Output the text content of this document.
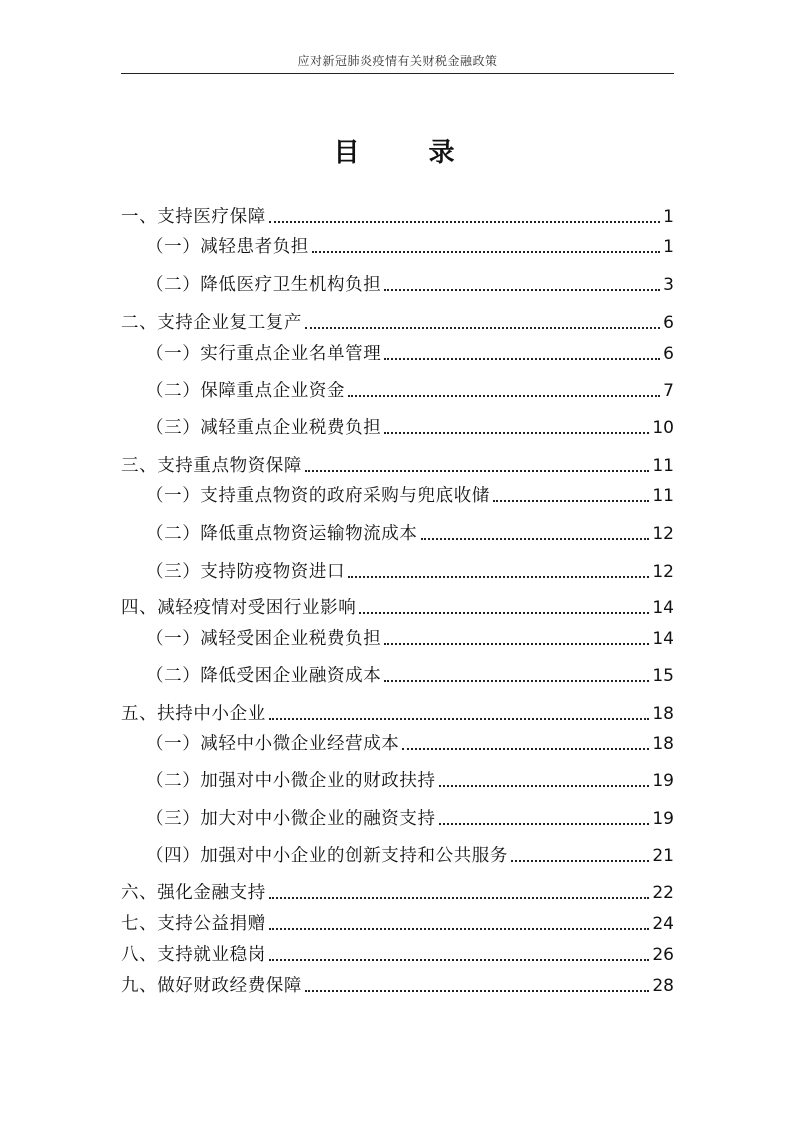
应对新冠肺炎疫情有关财税金融政策
目 录
一、支持医疗保障	1
（一）减轻患者负担	1
（二）降低医疗卫生机构负担	3
二、支持企业复工复产	6
（一）实行重点企业名单管理	6
（二）保障重点企业资金	7
（三）减轻重点企业税费负担	10
三、支持重点物资保障	11
（一）支持重点物资的政府采购与兜底收储	11
（二）降低重点物资运输物流成本	12
（三）支持防疫物资进口	12
四、减轻疫情对受困行业影响	14
（一）减轻受困企业税费负担	14
（二）降低受困企业融资成本	15
五、扶持中小企业	18
（一）减轻中小微企业经营成本	18
（二）加强对中小微企业的财政扶持	19
（三）加大对中小微企业的融资支持	19
（四）加强对中小企业的创新支持和公共服务	21
六、强化金融支持	22
七、支持公益捐赠	24
八、支持就业稳岗	26
九、做好财政经费保障	28
